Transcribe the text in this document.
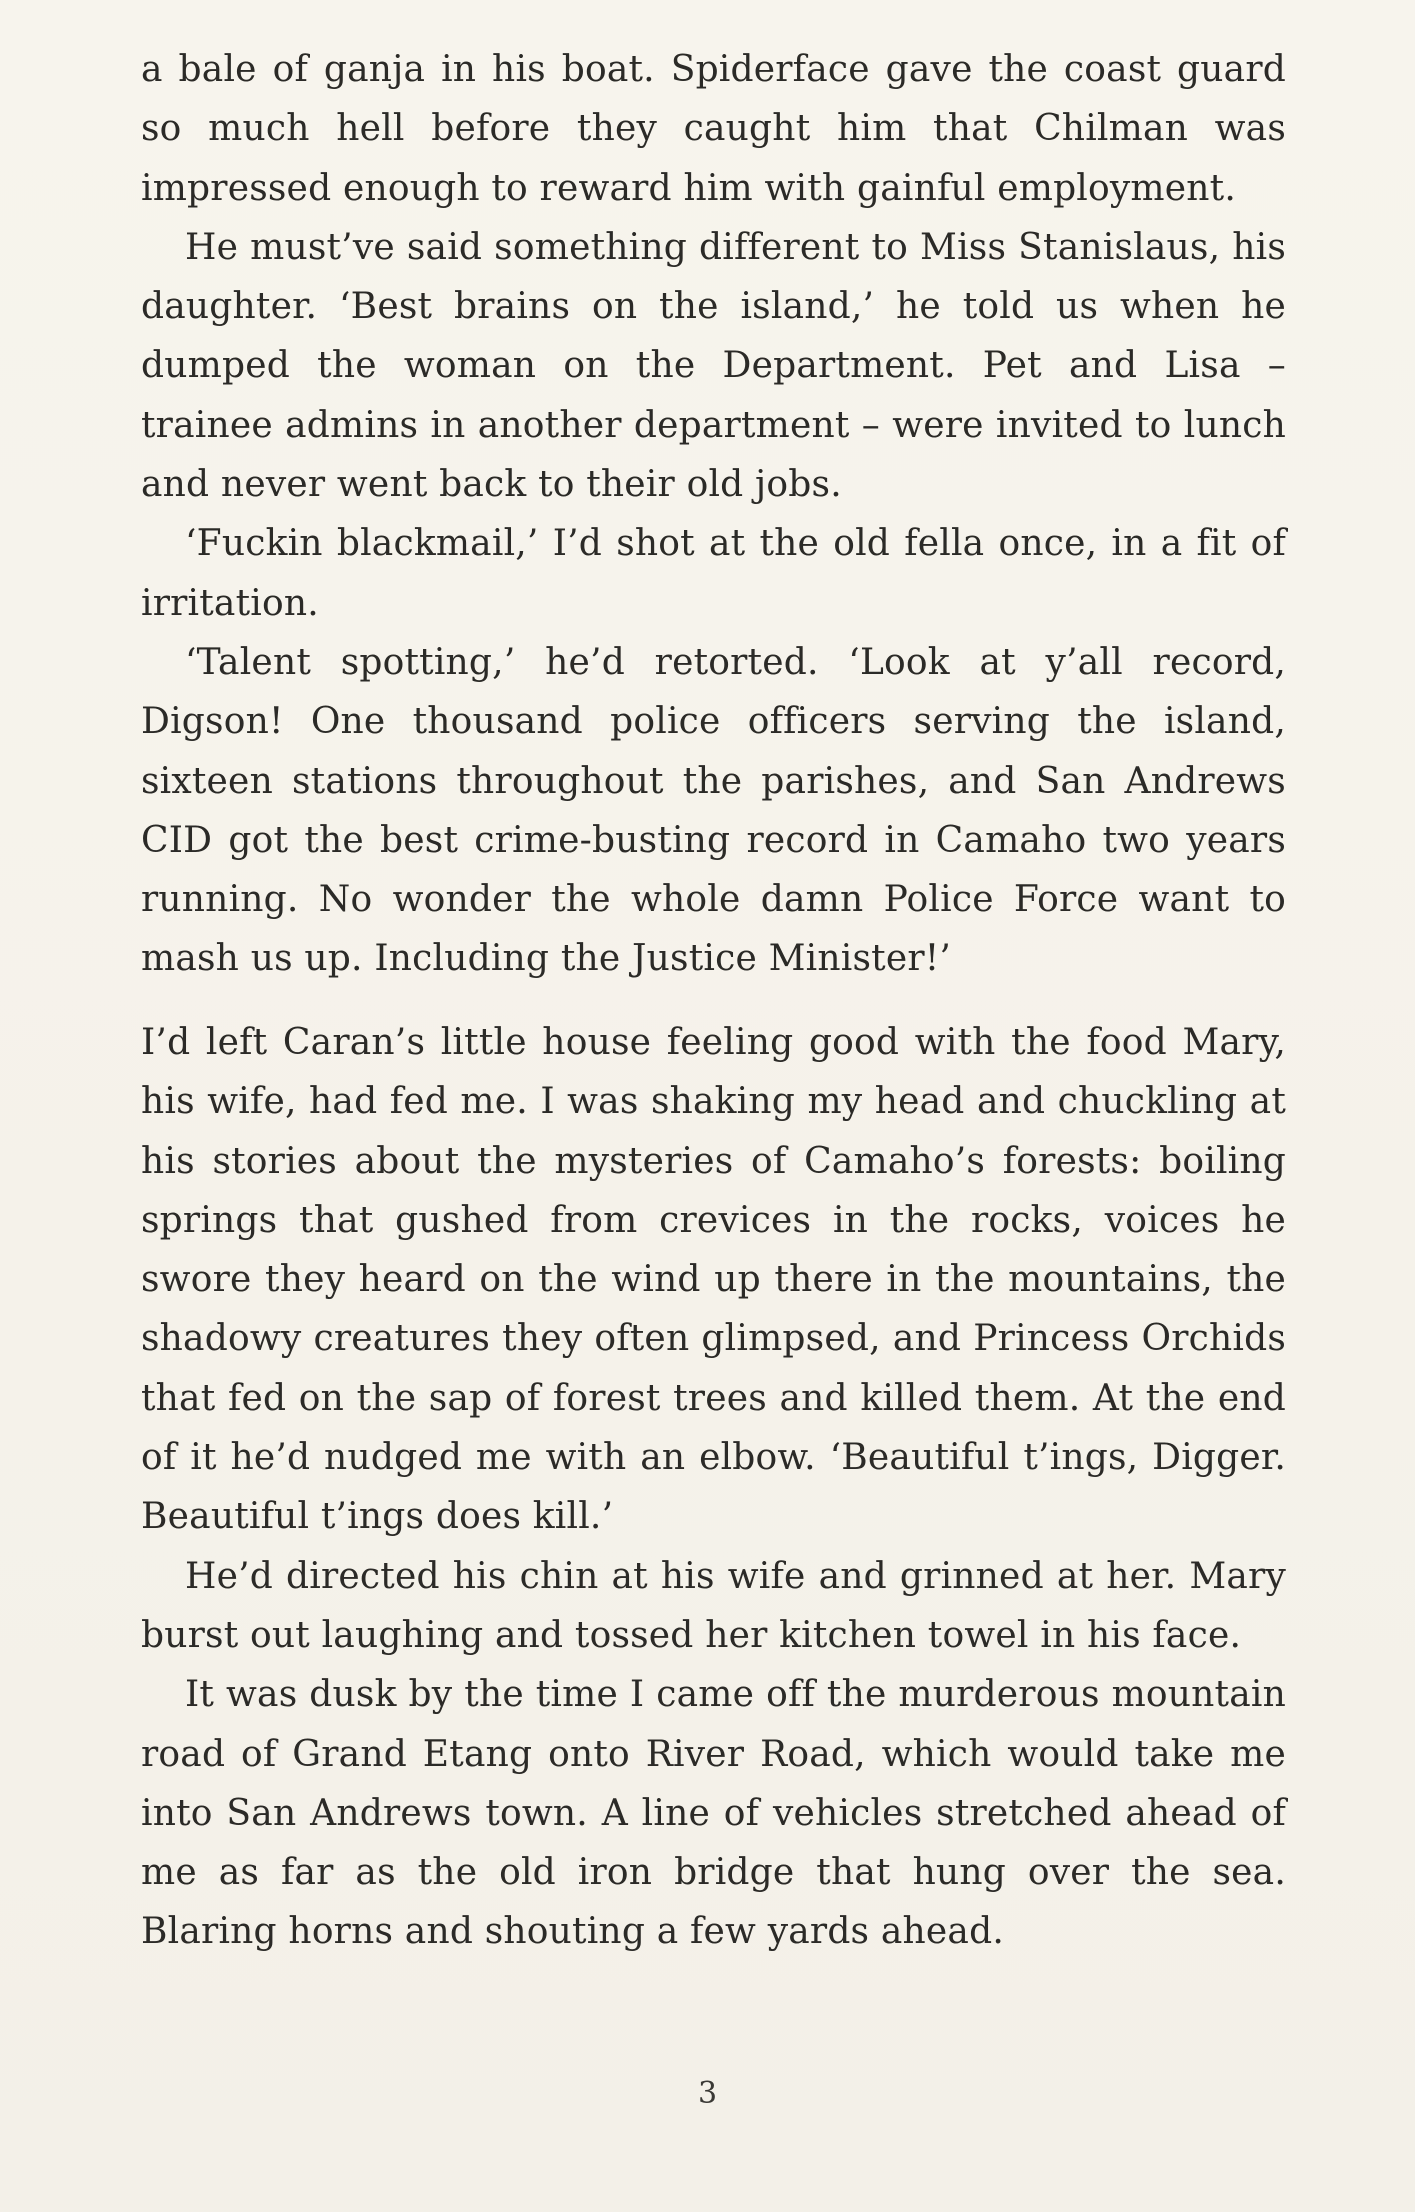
a bale of ganja in his boat. Spiderface gave the coast guard so much hell before they caught him that Chilman was impressed enough to reward him with gainful employment.

He must’ve said something different to Miss Stanislaus, his daughter. ‘Best brains on the island,’ he told us when he dumped the woman on the Department. Pet and Lisa – trainee admins in another department – were invited to lunch and never went back to their old jobs.

‘Fuckin blackmail,’ I’d shot at the old fella once, in a fit of irritation.

‘Talent spotting,’ he’d retorted. ‘Look at y’all record, Digson! One thousand police officers serving the island, sixteen stations throughout the parishes, and San Andrews CID got the best crime-busting record in Camaho two years running. No wonder the whole damn Police Force want to mash us up. Including the Justice Minister!’

I’d left Caran’s little house feeling good with the food Mary, his wife, had fed me. I was shaking my head and chuckling at his stories about the mysteries of Camaho’s forests: boiling springs that gushed from crevices in the rocks, voices he swore they heard on the wind up there in the mountains, the shadowy creatures they often glimpsed, and Princess Orchids that fed on the sap of forest trees and killed them. At the end of it he’d nudged me with an elbow. ‘Beautiful t’ings, Digger. Beautiful t’ings does kill.’

He’d directed his chin at his wife and grinned at her. Mary burst out laughing and tossed her kitchen towel in his face.

It was dusk by the time I came off the murderous mountain road of Grand Etang onto River Road, which would take me into San Andrews town. A line of vehicles stretched ahead of me as far as the old iron bridge that hung over the sea. Blaring horns and shouting a few yards ahead.

3
